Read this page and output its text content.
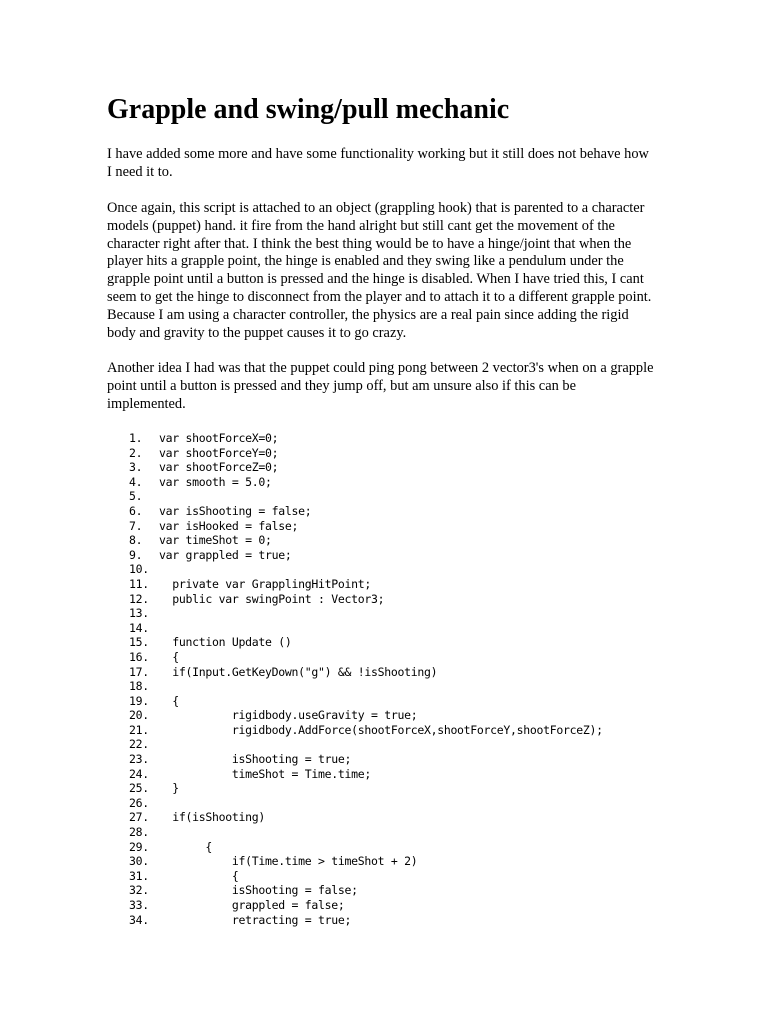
Grapple and swing/pull mechanic

I have added some more and have some functionality working but it still does not behave how I need it to.

Once again, this script is attached to an object (grappling hook) that is parented to a character models (puppet) hand. it fire from the hand alright but still cant get the movement of the character right after that. I think the best thing would be to have a hinge/joint that when the player hits a grapple point, the hinge is enabled and they swing like a pendulum under the grapple point until a button is pressed and the hinge is disabled. When I have tried this, I cant seem to get the hinge to disconnect from the player and to attach it to a different grapple point. Because I am using a character controller, the physics are a real pain since adding the rigid body and gravity to the puppet causes it to go crazy.

Another idea I had was that the puppet could ping pong between 2 vector3's when on a grapple point until a button is pressed and they jump off, but am unsure also if this can be implemented.

1.	var shootForceX=0;
2.	var shootForceY=0;
3.	var shootForceZ=0;
4.	var smooth = 5.0;
5.
6.	var isShooting = false;
7.	var isHooked = false;
8.	var timeShot = 0;
9.	var grappled = true;
10.
11. private var GrapplingHitPoint;
12. public var swingPoint : Vector3;
13.
14.
15. function Update ()
16. {
17. if(Input.GetKeyDown("g") && !isShooting)
18.
19. {
20. rigidbody.useGravity = true;
21. rigidbody.AddForce(shootForceX,shootForceY,shootForceZ);
22.
23. isShooting = true;
24. timeShot = Time.time;
25. }
26.
27. if(isShooting)
28.
29. {
30. if(Time.time > timeShot + 2)
31. {
32. isShooting = false;
33. grappled = false;
34. retracting = true;
